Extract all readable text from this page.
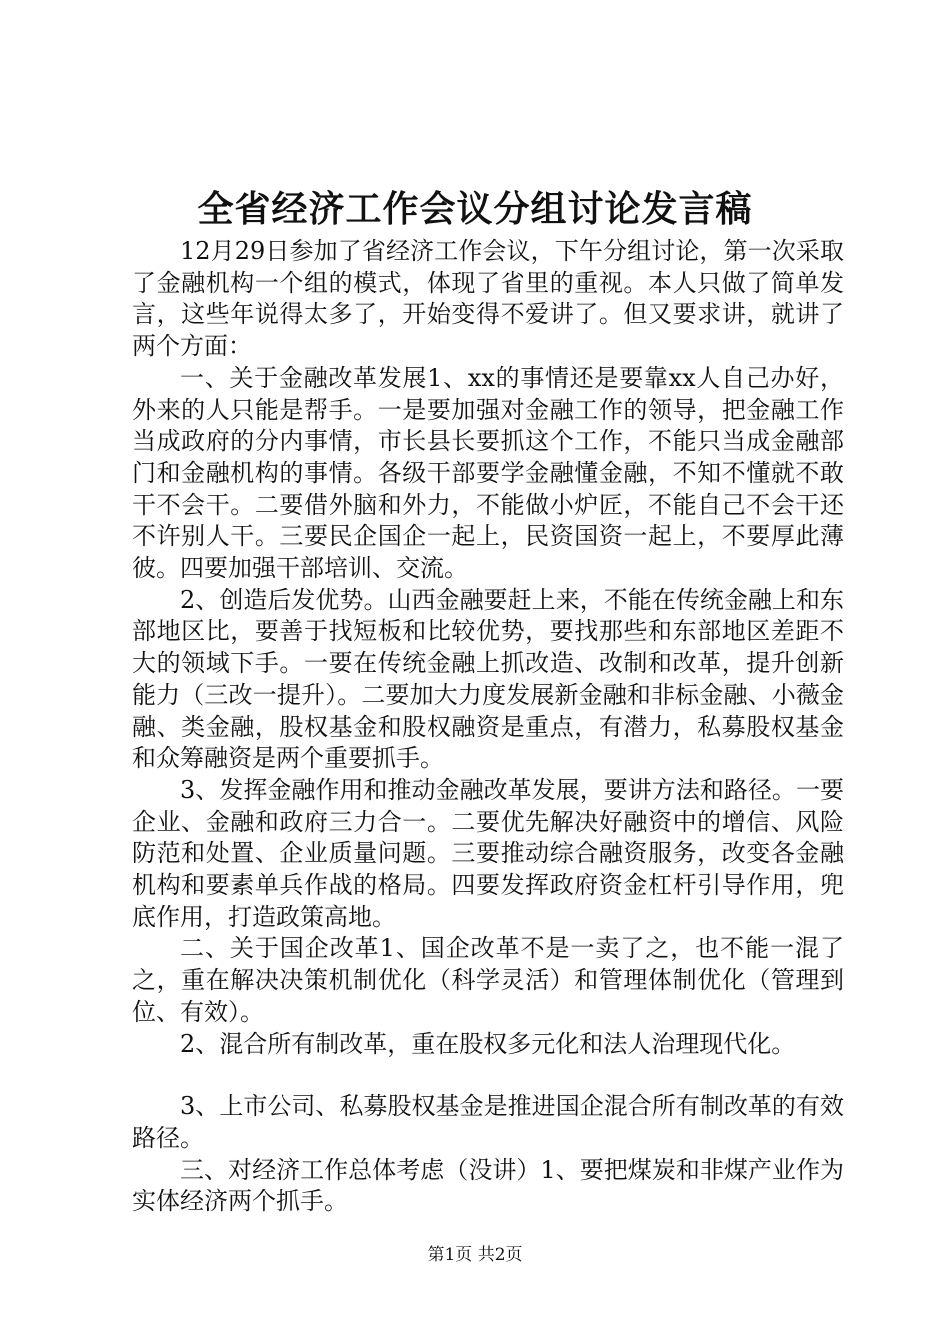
全省经济工作会议分组讨论发言稿

12月29日参加了省经济工作会议，下午分组讨论，第一次采取了金融机构一个组的模式，体现了省里的重视。本人只做了简单发言，这些年说得太多了，开始变得不爱讲了。但又要求讲，就讲了两个方面：

一、关于金融改革发展1、xx的事情还是要靠xx人自己办好，外来的人只能是帮手。一是要加强对金融工作的领导，把金融工作当成政府的分内事情，市长县长要抓这个工作，不能只当成金融部门和金融机构的事情。各级干部要学金融懂金融，不知不懂就不敢干不会干。二要借外脑和外力，不能做小炉匠，不能自己不会干还不许别人干。三要民企国企一起上，民资国资一起上，不要厚此薄彼。四要加强干部培训、交流。

2、创造后发优势。山西金融要赶上来，不能在传统金融上和东部地区比，要善于找短板和比较优势，要找那些和东部地区差距不大的领域下手。一要在传统金融上抓改造、改制和改革，提升创新能力（三改一提升）。二要加大力度发展新金融和非标金融、小薇金融、类金融，股权基金和股权融资是重点，有潜力，私募股权基金和众筹融资是两个重要抓手。

3、发挥金融作用和推动金融改革发展，要讲方法和路径。一要企业、金融和政府三力合一。二要优先解决好融资中的增信、风险防范和处置、企业质量问题。三要推动综合融资服务，改变各金融机构和要素单兵作战的格局。四要发挥政府资金杠杆引导作用，兜底作用，打造政策高地。

二、关于国企改革1、国企改革不是一卖了之，也不能一混了之，重在解决决策机制优化（科学灵活）和管理体制优化（管理到位、有效）。

2、混合所有制改革，重在股权多元化和法人治理现代化。

3、上市公司、私募股权基金是推进国企混合所有制改革的有效路径。

三、对经济工作总体考虑（没讲）1、要把煤炭和非煤产业作为实体经济两个抓手。

第1页 共2页
